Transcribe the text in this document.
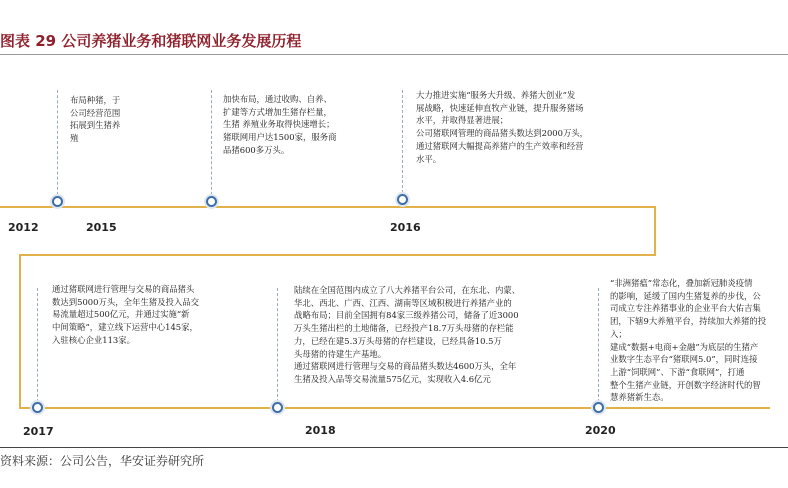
图表 29 公司养猪业务和猪联网业务发展历程
2012	2015	2016
2017	2018	2020
布局种猪，于
公司经营范围
拓展到生猪养
殖
加快布局，通过收购、自养、
扩建等方式增加生猪存栏量，
生猪 养殖业务取得快速增长；
猪联网用户达1500家，服务商
品猪600多万头。
大力推进实施“服务大升级、养猪大创业”发
展战略，快速延伸直牧产业链，提升服务猪场
水平，并取得显著进展；
公司猪联网管理的商品猪头数达到2000万头，
通过猪联网大幅提高养猪户的生产效率和经营
水平。
通过猪联网进行管理与交易的商品猪头
数达到5000万头，全年生猪及投入品交
易流量超过500亿元，并通过实施“新
中间策略”，建立线下运营中心145家，
入驻核心企业113家。
陆续在全国范围内成立了八大养猪平台公司，在东北、内蒙、
华北、西北、广西、江西、湖南等区域积极进行养猪产业的
战略布局；目前全国拥有84家三级养猪公司，储备了近3000
万头生猪出栏的土地储备，已经投产18.7万头母猪的存栏能
力，已经在建5.3万头母猪的存栏建设，已经具备10.5万
头母猪的待建生产基地。
通过猪联网进行管理与交易的商品猪头数达4600万头，全年
生猪及投入品等交易流量575亿元，实现收入4.6亿元
“非洲猪瘟”常态化，叠加新冠肺炎疫情
的影响，延缓了国内生猪复养的步伐，公
司成立专注养猪事业的企业平台大佑吉集
团，下辖9大养殖平台，持续加大养猪的投
入；
建成“数据+电商+金融”为底层的生猪产
业数字生态平台“猪联网5.0”，同时连接
上游“饲联网”、下游“食联网”，打通
整个生猪产业链，开创数字经济时代的智
慧养猪新生态。
资料来源：公司公告，华安证券研究所
